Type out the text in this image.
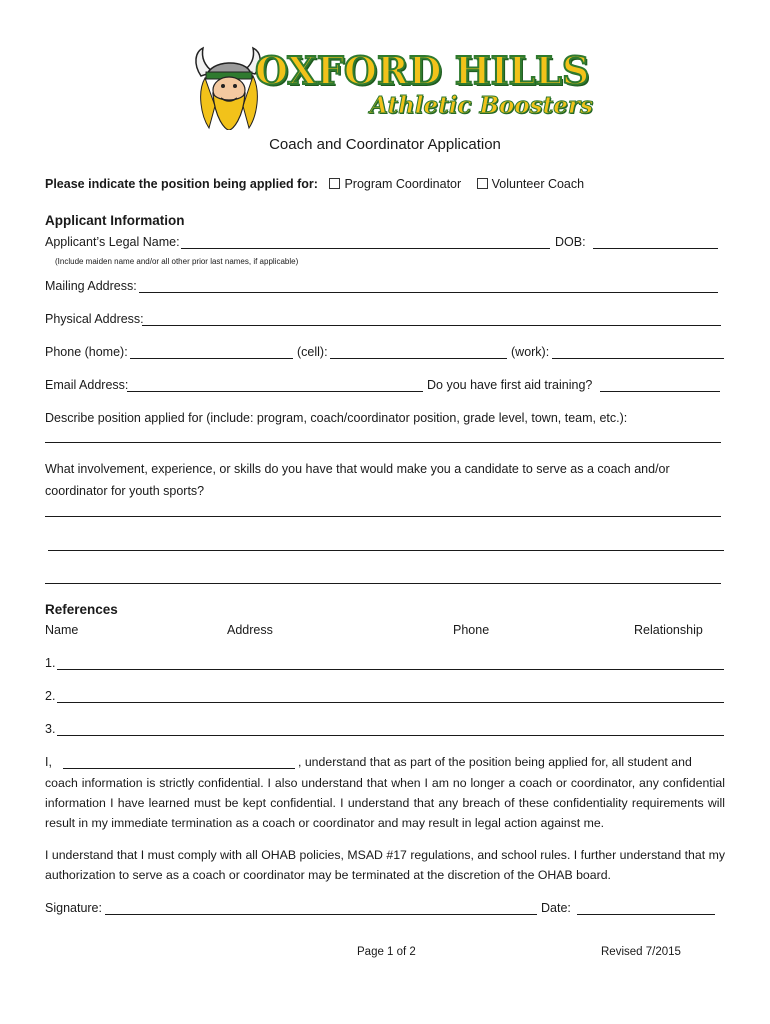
OXFORD HILLS
Athletic Boosters
Coach and Coordinator Application
Please indicate the position being applied for: Program Coordinator Volunteer Coach
Applicant Information
Applicant’s Legal Name:	DOB:
(Include maiden name and/or all other prior last names, if applicable)
Mailing Address:
Physical Address:
Phone (home):	(cell):	(work):
Email Address:	Do you have first aid training?
Describe position applied for (include: program, coach/coordinator position, grade level, town, team, etc.):
What involvement, experience, or skills do you have that would make you a candidate to serve as a coach and/or
coordinator for youth sports?
References
Name	Address	Phone	Relationship
1.
2.
3.
I,	, understand that as part of the position being applied for, all student and
coach information is strictly confidential. I also understand that when I am no longer a coach or coordinator, any confidential information I have learned must be kept confidential. I understand that any breach of these confidentiality requirements will result in my immediate termination as a coach or coordinator and may result in legal action against me.
I understand that I must comply with all OHAB policies, MSAD #17 regulations, and school rules. I further understand that my authorization to serve as a coach or coordinator may be terminated at the discretion of the OHAB board.
Signature:	Date:
Page 1 of 2	Revised 7/2015
